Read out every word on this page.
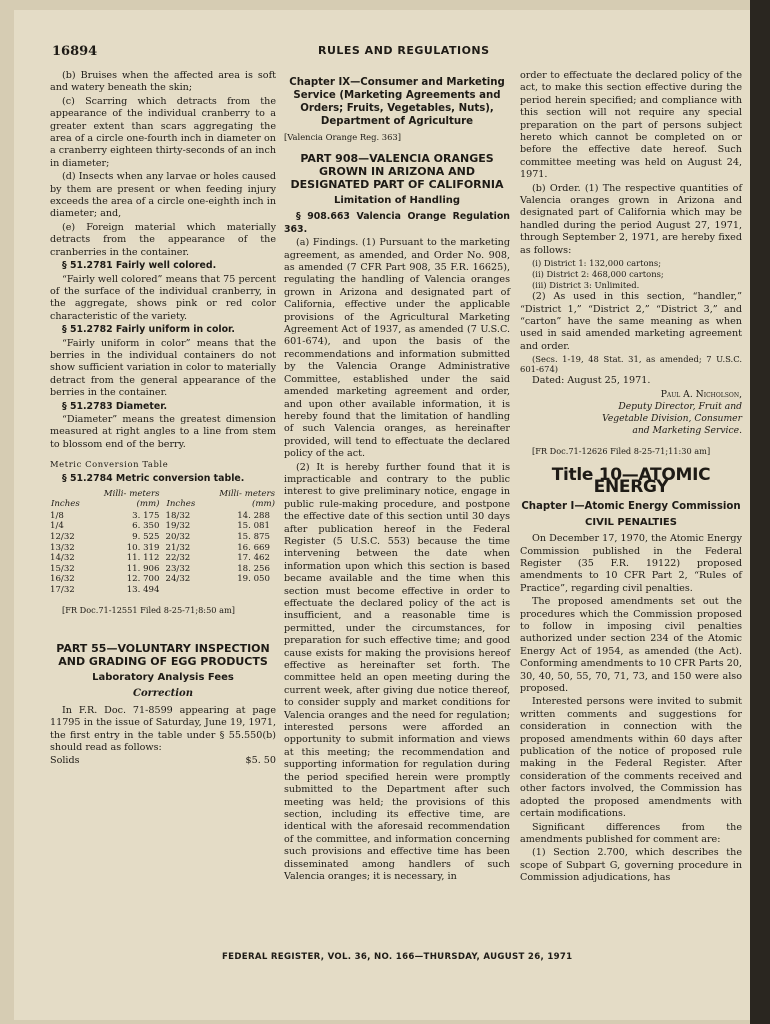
16894	RULES AND REGULATIONS

(b) Bruises when the affected area is soft and watery beneath the skin;

(c) Scarring which detracts from the appearance of the individual cranberry to a greater extent than scars aggregating the area of a circle one-fourth inch in diameter on a cranberry eighteen thirty-seconds of an inch in diameter;

(d) Insects when any larvae or holes caused by them are present or when feeding injury exceeds the area of a circle one-eighth inch in diameter; and,

(e) Foreign material which materially detracts from the appearance of the cranberries in the container.

§ 51.2781 Fairly well colored.

“Fairly well colored” means that 75 percent of the surface of the individual cranberry, in the aggregate, shows pink or red color characteristic of the variety.

§ 51.2782 Fairly uniform in color.

“Fairly uniform in color” means that the berries in the individual containers do not show sufficient variation in color to materially detract from the general appearance of the berries in the container.

§ 51.2783 Diameter.

“Diameter” means the greatest dimension measured at right angles to a line from stem to blossom end of the berry.

Metric Conversion Table

§ 51.2784 Metric conversion table.

Inches	Milli- meters (mm)	Inches	Milli- meters (mm)
1/8	3. 175	18/32	14. 288
1/4	6. 350	19/32	15. 081
12/32	9. 525	20/32	15. 875
13/32	10. 319	21/32	16. 669
14/32	11. 112	22/32	17. 462
15/32	11. 906	23/32	18. 256
16/32	12. 700	24/32	19. 050
17/32	13. 494		

[FR Doc.71-12551 Filed 8-25-71;8:50 am]

PART 55—VOLUNTARY INSPECTION AND GRADING OF EGG PRODUCTS
Laboratory Analysis Fees
Correction

In F.R. Doc. 71-8599 appearing at page 11795 in the issue of Saturday, June 19, 1971, the first entry in the table under § 55.550(b) should read as follows:

Solids	$5. 50

Chapter IX—Consumer and Marketing Service (Marketing Agreements and Orders; Fruits, Vegetables, Nuts), Department of Agriculture

[Valencia Orange Reg. 363]

PART 908—VALENCIA ORANGES GROWN IN ARIZONA AND DESIGNATED PART OF CALIFORNIA
Limitation of Handling

§ 908.663 Valencia Orange Regulation 363.

(a) Findings. (1) Pursuant to the marketing agreement, as amended, and Order No. 908, as amended (7 CFR Part 908, 35 F.R. 16625), regulating the handling of Valencia oranges grown in Arizona and designated part of California, effective under the applicable provisions of the Agricultural Marketing Agreement Act of 1937, as amended (7 U.S.C. 601-674), and upon the basis of the recommendations and information submitted by the Valencia Orange Administrative Committee, established under the said amended marketing agreement and order, and upon other available information, it is hereby found that the limitation of handling of such Valencia oranges, as hereinafter provided, will tend to effectuate the declared policy of the act.

(2) It is hereby further found that it is impracticable and contrary to the public interest to give preliminary notice, engage in public rule-making procedure, and postpone the effective date of this section until 30 days after publication hereof in the Federal Register (5 U.S.C. 553) because the time intervening between the date when information upon which this section is based became available and the time when this section must become effective in order to effectuate the declared policy of the act is insufficient, and a reasonable time is permitted, under the circumstances, for preparation for such effective time; and good cause exists for making the provisions hereof effective as hereinafter set forth. The committee held an open meeting during the current week, after giving due notice thereof, to consider supply and market conditions for Valencia oranges and the need for regulation; interested persons were afforded an opportunity to submit information and views at this meeting; the recommendation and supporting information for regulation during the period specified herein were promptly submitted to the Department after such meeting was held; the provisions of this section, including its effective time, are identical with the aforesaid recommendation of the committee, and information concerning such provisions and effective time has been disseminated among handlers of such Valencia oranges; it is necessary, in

order to effectuate the declared policy of the act, to make this section effective during the period herein specified; and compliance with this section will not require any special preparation on the part of persons subject hereto which cannot be completed on or before the effective date hereof. Such committee meeting was held on August 24, 1971.

(b) Order. (1) The respective quantities of Valencia oranges grown in Arizona and designated part of California which may be handled during the period August 27, 1971, through September 2, 1971, are hereby fixed as follows:

(i) District 1: 132,000 cartons;

(ii) District 2: 468,000 cartons;

(iii) District 3: Unlimited.

(2) As used in this section, “handler,” “District 1,” “District 2,” “District 3,” and “carton” have the same meaning as when used in said amended marketing agreement and order.

(Secs. 1-19, 48 Stat. 31, as amended; 7 U.S.C. 601-674)

Dated: August 25, 1971.

Paul A. Nicholson,
Deputy Director, Fruit and
Vegetable Division, Consumer
and Marketing Service.

[FR Doc.71-12626 Filed 8-25-71;11:30 am]

Title 10—ATOMIC ENERGY
Chapter I—Atomic Energy Commission
CIVIL PENALTIES

On December 17, 1970, the Atomic Energy Commission published in the Federal Register (35 F.R. 19122) proposed amendments to 10 CFR Part 2, “Rules of Practice”, regarding civil penalties.

The proposed amendments set out the procedures which the Commission proposed to follow in imposing civil penalties authorized under section 234 of the Atomic Energy Act of 1954, as amended (the Act). Conforming amendments to 10 CFR Parts 20, 30, 40, 50, 55, 70, 71, 73, and 150 were also proposed.

Interested persons were invited to submit written comments and suggestions for consideration in connection with the proposed amendments within 60 days after publication of the notice of proposed rule making in the Federal Register. After consideration of the comments received and other factors involved, the Commission has adopted the proposed amendments with certain modifications.

Significant differences from the amendments published for comment are:

(1) Section 2.700, which describes the scope of Subpart G, governing procedure in Commission adjudications, has

FEDERAL REGISTER, VOL. 36, NO. 166—THURSDAY, AUGUST 26, 1971
